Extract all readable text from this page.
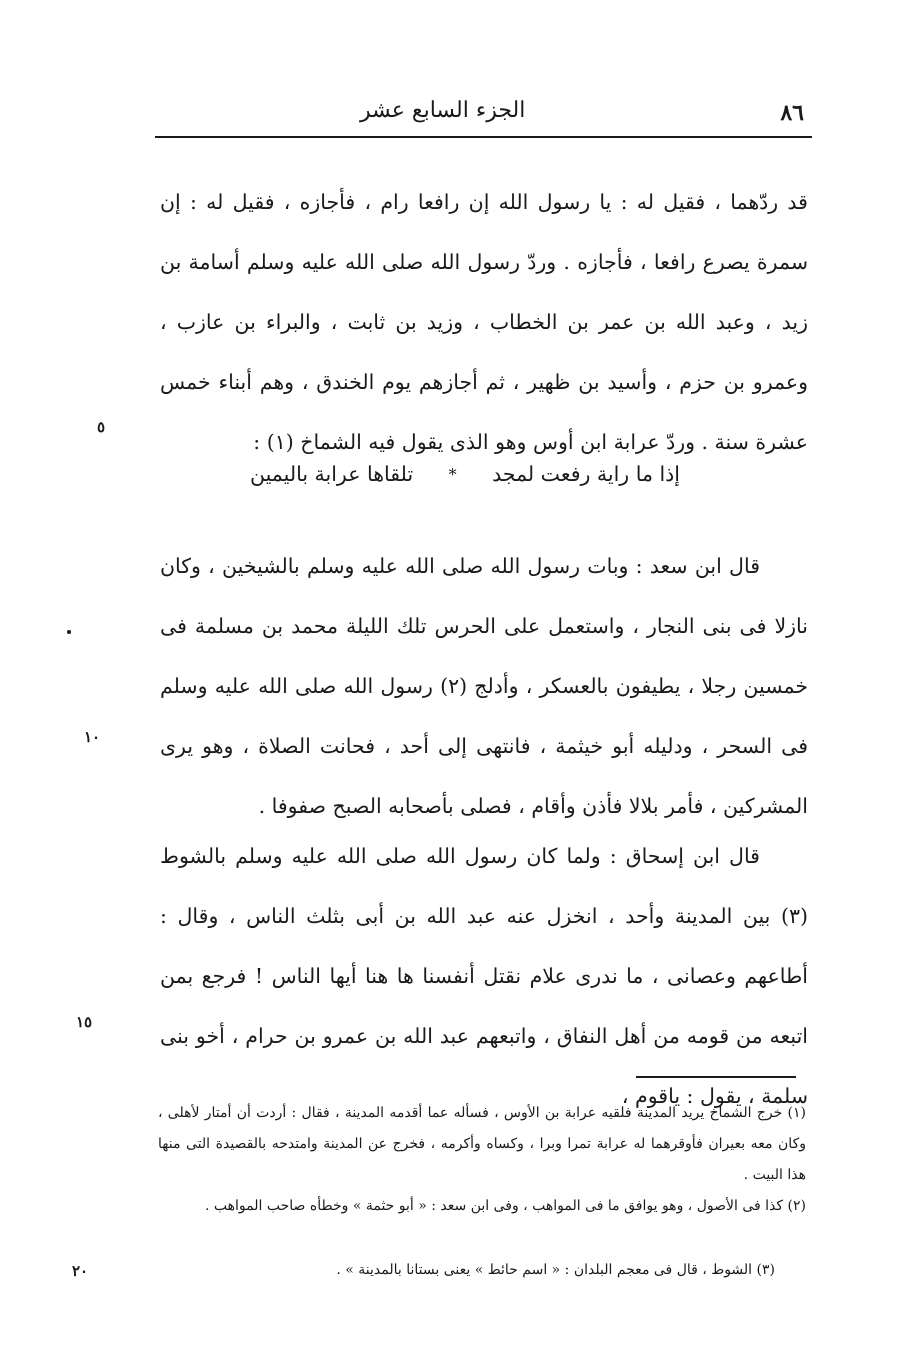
الجزء السابع عشر	٨٦
قد ردّهما ، فقيل له : يا رسول الله إن رافعا رام ، فأجازه ، فقيل له : إن سمرة يصرع رافعا ، فأجازه . وردّ رسول الله صلى الله عليه وسلم أسامة بن زيد ، وعبد الله بن عمر بن الخطاب ، وزيد بن ثابت ، والبراء بن عازب ، وعمرو بن حزم ، وأسيد بن ظهير ، ثم أجازهم يوم الخندق ، وهم أبناء خمس عشرة سنة . وردّ عرابة ابن أوس وهو الذى يقول فيه الشماخ (١) :
إذا ما راية رفعت لمجد
*
تلقاها عرابة باليمين
قال ابن سعد : وبات رسول الله صلى الله عليه وسلم بالشيخين ، وكان نازلا فى بنى النجار ، واستعمل على الحرس تلك الليلة محمد بن مسلمة فى خمسين رجلا ، يطيفون بالعسكر ، وأدلج (٢) رسول الله صلى الله عليه وسلم فى السحر ، ودليله أبو خيثمة ، فانتهى إلى أحد ، فحانت الصلاة ، وهو يرى المشركين ، فأمر بلالا فأذن وأقام ، فصلى بأصحابه الصبح صفوفا .
قال ابن إسحاق : ولما كان رسول الله صلى الله عليه وسلم بالشوط (٣) بين المدينة وأحد ، انخزل عنه عبد الله بن أبى بثلث الناس ، وقال : أطاعهم وعصانى ، ما ندرى علام نقتل أنفسنا ها هنا أيها الناس ! فرجع بمن اتبعه من قومه من أهل النفاق ، واتبعهم عبد الله بن عمرو بن حرام ، أخو بنى سلمة ، يقول : ياقوم ،
٥
١٠
١٥
٢٠

(١) خرج الشماخ يريد المدينة فلقيه عرابة بن الأوس ، فسأله عما أقدمه المدينة ، فقال : أردت أن أمتار لأهلى ، وكان معه بعيران فأوقرهما له عرابة تمرا وبرا ، وكساه وأكرمه ، فخرج عن المدينة وامتدحه بالقصيدة التى منها هذا البيت .

(٢) كذا فى الأصول ، وهو يوافق ما فى المواهب ، وفى ابن سعد : « أبو حثمة » وخطأه صاحب المواهب .

(٣) الشوط ، قال فى معجم البلدان : « اسم حائط » يعنى بستانا بالمدينة » .
